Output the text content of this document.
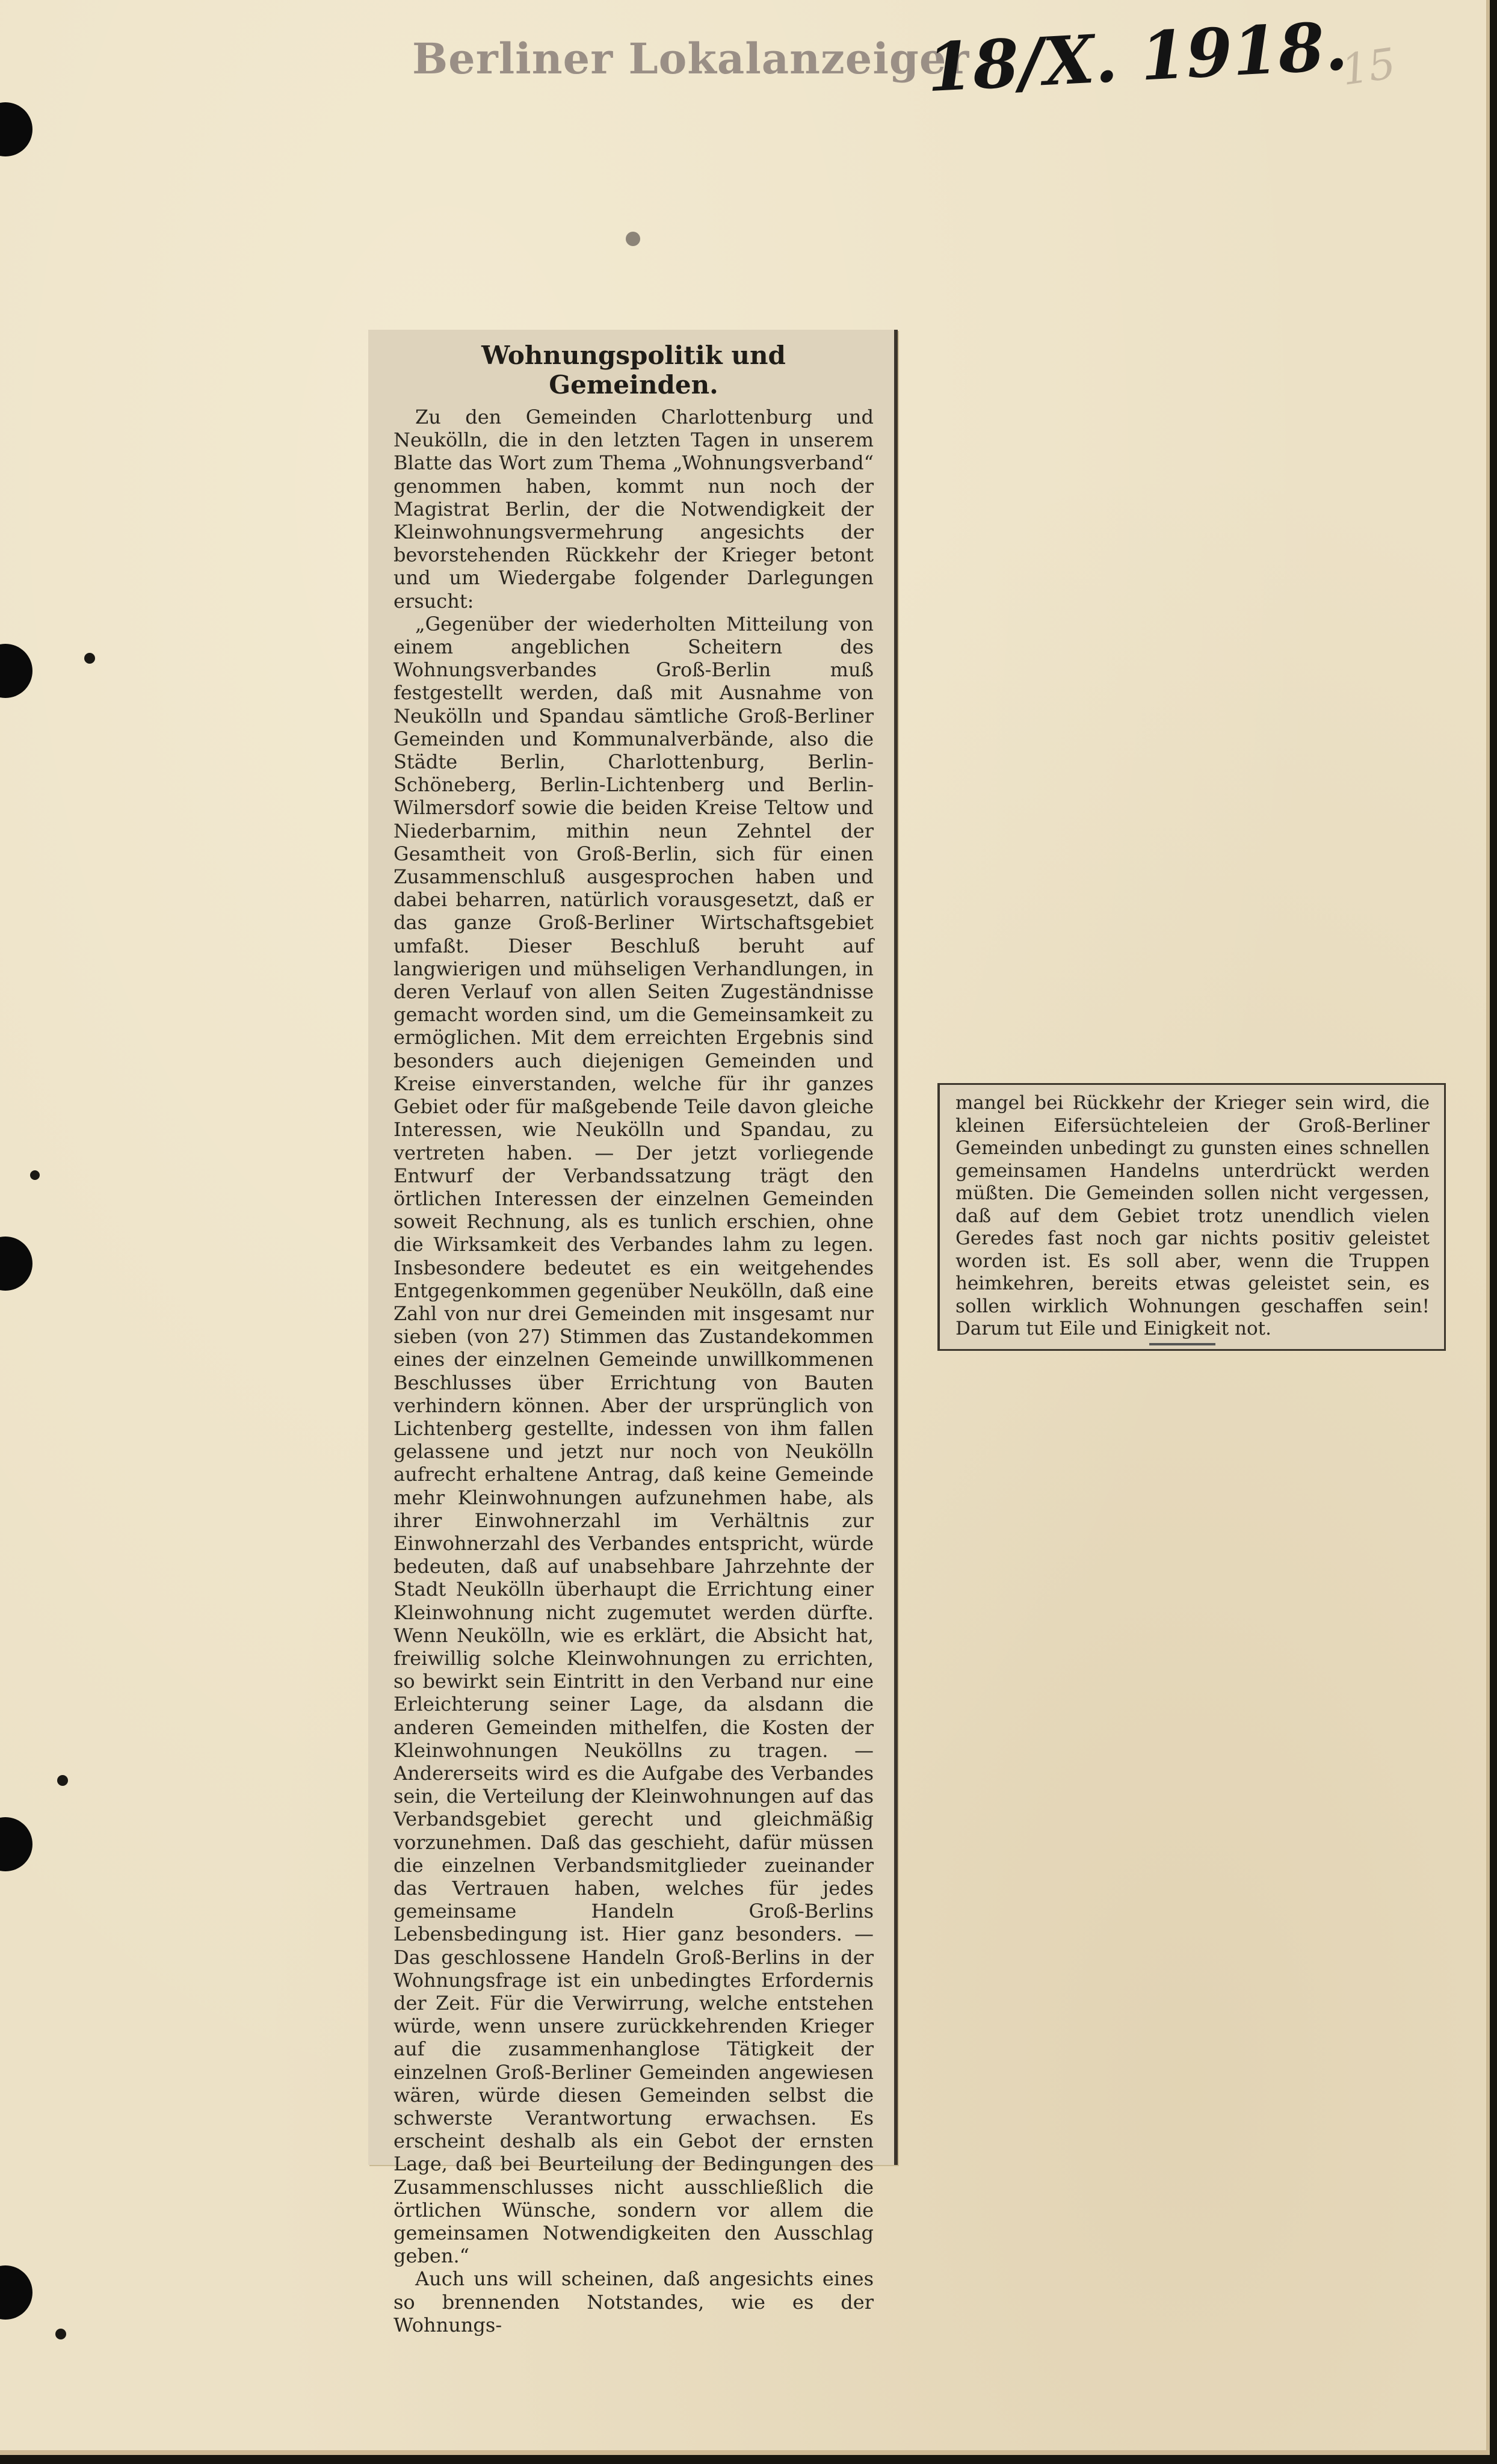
Berliner Lokalanzeiger
18/X. 1918.
15
Wohnungspolitik und Gemeinden.

Zu den Gemeinden Charlottenburg und Neukölln, die in den letzten Tagen in unserem Blatte das Wort zum Thema „Wohnungsverband“ genommen haben, kommt nun noch der Magistrat Berlin, der die Notwendigkeit der Kleinwohnungsvermehrung angesichts der bevorstehenden Rückkehr der Krieger betont und um Wiedergabe folgender Darlegungen ersucht:

„Gegenüber der wiederholten Mitteilung von einem angeblichen Scheitern des Wohnungsverbandes Groß-Berlin muß festgestellt werden, daß mit Ausnahme von Neukölln und Spandau sämtliche Groß-Berliner Gemeinden und Kommunalverbände, also die Städte Berlin, Charlottenburg, Berlin-Schöneberg, Berlin-Lichtenberg und Berlin-Wilmersdorf sowie die beiden Kreise Teltow und Niederbarnim, mithin neun Zehntel der Gesamtheit von Groß-Berlin, sich für einen Zusammenschluß ausgesprochen haben und dabei beharren, natürlich vorausgesetzt, daß er das ganze Groß-Berliner Wirtschaftsgebiet umfaßt. Dieser Beschluß beruht auf langwierigen und mühseligen Verhandlungen, in deren Verlauf von allen Seiten Zugeständnisse gemacht worden sind, um die Gemeinsamkeit zu ermöglichen. Mit dem erreichten Ergebnis sind besonders auch diejenigen Gemeinden und Kreise einverstanden, welche für ihr ganzes Gebiet oder für maßgebende Teile davon gleiche Interessen, wie Neukölln und Spandau, zu vertreten haben. — Der jetzt vorliegende Entwurf der Verbandssatzung trägt den örtlichen Interessen der einzelnen Gemeinden soweit Rechnung, als es tunlich erschien, ohne die Wirksamkeit des Verbandes lahm zu legen. Insbesondere bedeutet es ein weitgehendes Entgegenkommen gegenüber Neukölln, daß eine Zahl von nur drei Gemeinden mit insgesamt nur sieben (von 27) Stimmen das Zustandekommen eines der einzelnen Gemeinde unwillkommenen Beschlusses über Errichtung von Bauten verhindern können. Aber der ursprünglich von Lichtenberg gestellte, indessen von ihm fallen gelassene und jetzt nur noch von Neukölln aufrecht erhaltene Antrag, daß keine Gemeinde mehr Kleinwohnungen aufzunehmen habe, als ihrer Einwohnerzahl im Verhältnis zur Einwohnerzahl des Verbandes entspricht, würde bedeuten, daß auf unabsehbare Jahrzehnte der Stadt Neukölln überhaupt die Errichtung einer Kleinwohnung nicht zugemutet werden dürfte. Wenn Neukölln, wie es erklärt, die Absicht hat, freiwillig solche Kleinwohnungen zu errichten, so bewirkt sein Eintritt in den Verband nur eine Erleichterung seiner Lage, da alsdann die anderen Gemeinden mithelfen, die Kosten der Kleinwohnungen Neuköllns zu tragen. — Andererseits wird es die Aufgabe des Verbandes sein, die Verteilung der Kleinwohnungen auf das Verbandsgebiet gerecht und gleichmäßig vorzunehmen. Daß das geschieht, dafür müssen die einzelnen Verbandsmitglieder zueinander das Vertrauen haben, welches für jedes gemeinsame Handeln Groß-Berlins Lebensbedingung ist. Hier ganz besonders. — Das geschlossene Handeln Groß-Berlins in der Wohnungsfrage ist ein unbedingtes Erfordernis der Zeit. Für die Verwirrung, welche entstehen würde, wenn unsere zurückkehrenden Krieger auf die zusammenhanglose Tätigkeit der einzelnen Groß-Berliner Gemeinden angewiesen wären, würde diesen Gemeinden selbst die schwerste Verantwortung erwachsen. Es erscheint deshalb als ein Gebot der ernsten Lage, daß bei Beurteilung der Bedingungen des Zusammenschlusses nicht ausschließlich die örtlichen Wünsche, sondern vor allem die gemeinsamen Notwendigkeiten den Ausschlag geben.“

Auch uns will scheinen, daß angesichts eines so brennenden Notstandes, wie es der Wohnungs-

mangel bei Rückkehr der Krieger sein wird, die kleinen Eifersüchteleien der Groß-Berliner Gemeinden unbedingt zu gunsten eines schnellen gemeinsamen Handelns unterdrückt werden müßten. Die Gemeinden sollen nicht vergessen, daß auf dem Gebiet trotz unendlich vielen Geredes fast noch gar nichts positiv geleistet worden ist. Es soll aber, wenn die Truppen heimkehren, bereits etwas geleistet sein, es sollen wirklich Wohnungen geschaffen sein! Darum tut Eile und Einigkeit not.
